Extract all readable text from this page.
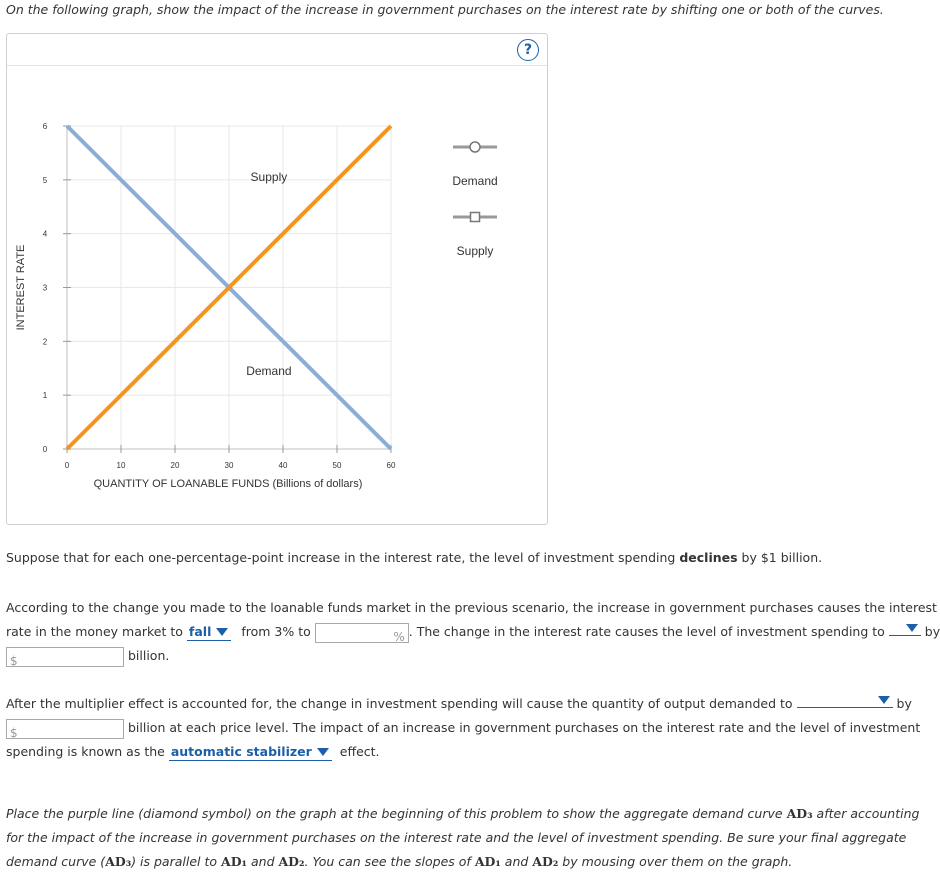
On the following graph, show the impact of the increase in government purchases on the interest rate by shifting one or both of the curves.
?
0	10	20	30	40	50	60
0
1
2
3
4
5
6
QUANTITY OF LOANABLE FUNDS (Billions of dollars)
INTEREST RATE
Supply
Demand
Demand
Supply
Suppose that for each one-percentage-point increase in the interest rate, the level of investment spending declines by $1 billion.
According to the change you made to the loanable funds market in the previous scenario, the increase in government purchases causes the interest
rate in the money market to fall from 3% to	% . The change in the interest rate causes the level of investment spending to	by
$	billion.
After the multiplier effect is accounted for, the change in investment spending will cause the quantity of output demanded to	by
$	billion at each price level. The impact of an increase in government purchases on the interest rate and the level of investment
spending is known as the automatic stabilizer effect.
Place the purple line (diamond symbol) on the graph at the beginning of this problem to show the aggregate demand curve AD₃ after accounting for the impact of the increase in government purchases on the interest rate and the level of investment spending. Be sure your final aggregate demand curve (AD₃) is parallel to AD₁ and AD₂. You can see the slopes of AD₁ and AD₂ by mousing over them on the graph.
